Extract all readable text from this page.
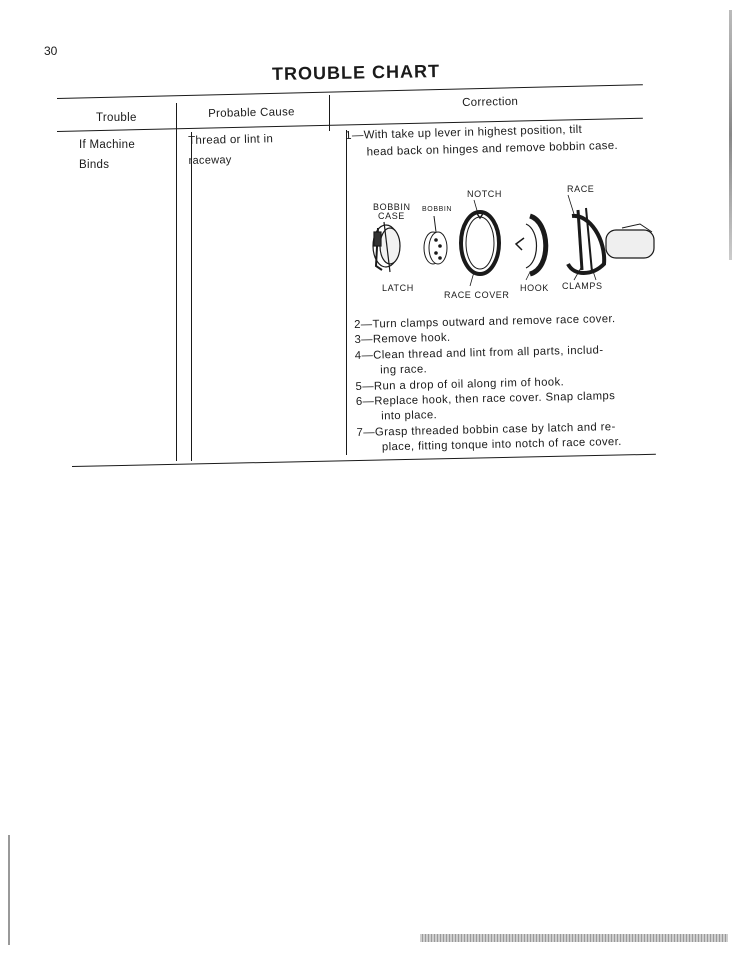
30
TROUBLE CHART
Trouble	Probable Cause
Correction
If Machine
Binds
Thread or lint in
raceway
1—With take up lever in highest position, tilt
head back on hinges and remove bobbin case.
BOBBIN
CASE
BOBBIN
NOTCH	RACE
LATCH
RACE COVER
HOOK CLAMPS
2—Turn clamps outward and remove race cover.
3—Remove hook.
4—Clean thread and lint from all parts, includ-
ing race.
5—Run a drop of oil along rim of hook.
6—Replace hook, then race cover. Snap clamps
into place.
7—Grasp threaded bobbin case by latch and re-
place, fitting tonque into notch of race cover.
